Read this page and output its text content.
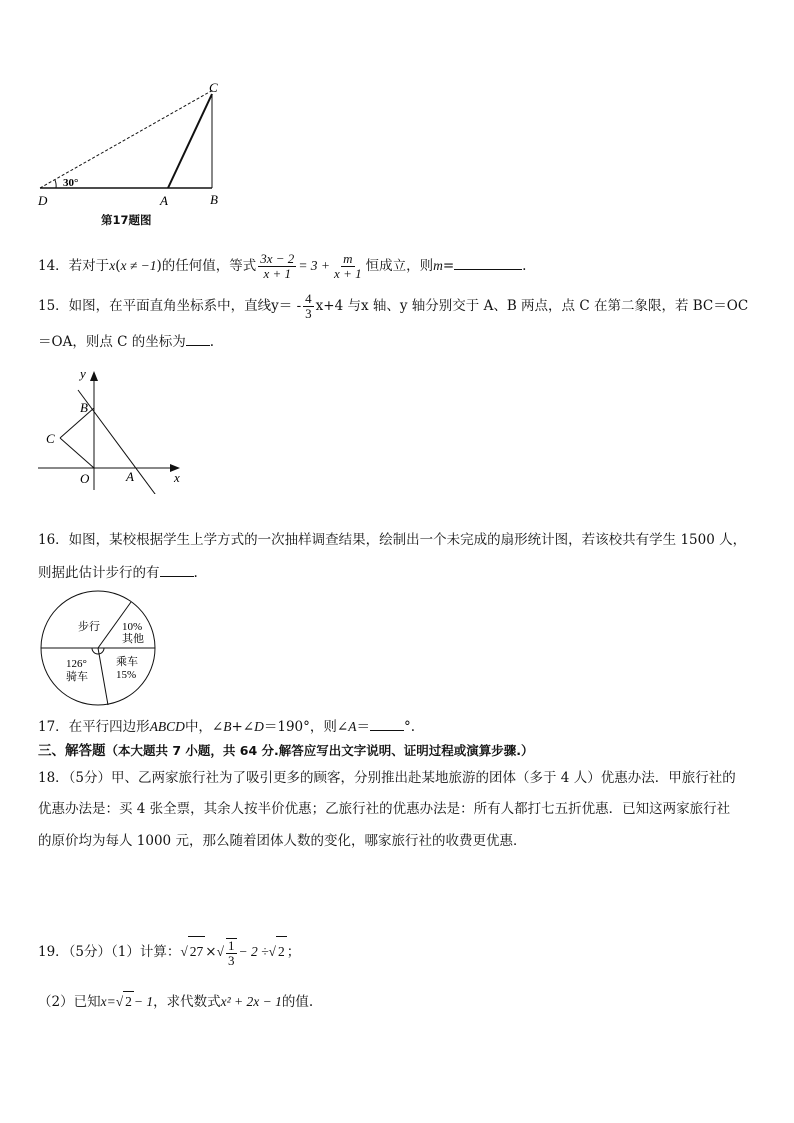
30°
C
D	A	B
第17题图
14．若对于x(x ≠ −1)的任何值，等式 $\frac{3x - 2}{x + 1} = 3 + \frac{m}{x + 1}$ 恒成立，则m=	.
15．如图，在平面直角坐标系中，直线$y= - \frac{4}{3} x+4$ 与x 轴、y 轴分别交于 A、B 两点，点 C 在第二象限，若 BC＝OC
＝OA，则点 C 的坐标为 .
y
x
B
C
O	A
16．如图，某校根据学生上学方式的一次抽样调查结果，绘制出一个未完成的扇形统计图，若该校共有学生 1500 人，
则据此估计步行的有	.
步行 10%
其他
乘车
15%
126°
骑车
17．在平行四边形ABCD中，∠B+∠D＝190°，则∠A＝	°.
三、解答题（本大题共 7 小题，共 64 分.解答应写出文字说明、证明过程或演算步骤.）
18．（5分）甲、乙两家旅行社为了吸引更多的顾客，分别推出赴某地旅游的团体（多于 4 人）优惠办法．甲旅行社的
优惠办法是：买 4 张全票，其余人按半价优惠；乙旅行社的优惠办法是：所有人都打七五折优惠．已知这两家旅行社
的原价均为每人 1000 元，那么随着团体人数的变化，哪家旅行社的收费更优惠．
19．（5分）（1）计算：√ 27 ×√ $\frac{1}{3} - 2$ ÷√ 2 ；
（2）已知x=√ 2 − 1，求代数式x² + 2x − 1的值.
